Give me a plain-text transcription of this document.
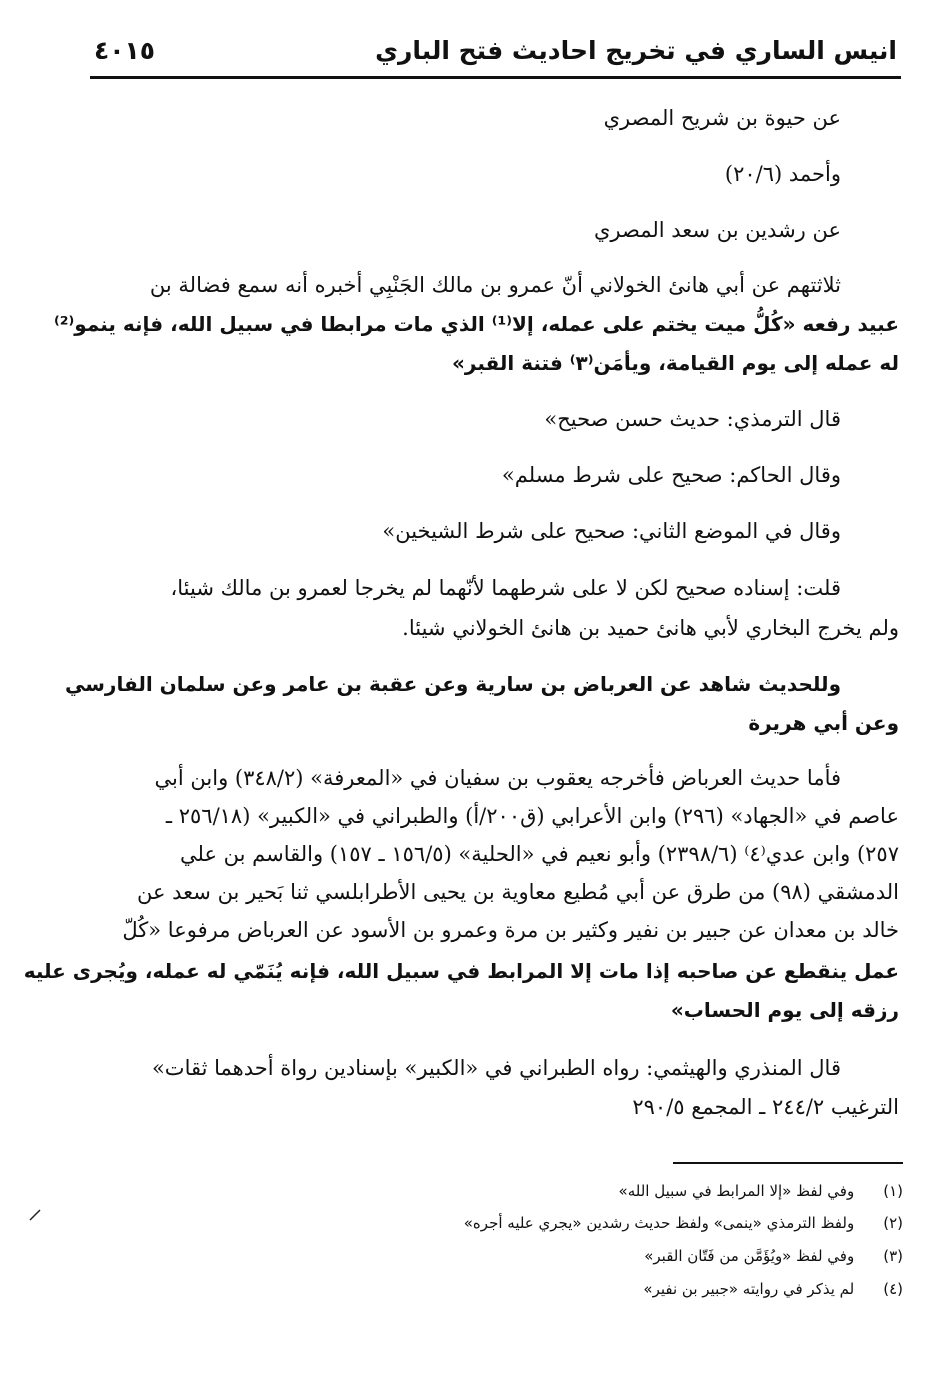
انيس الساري في تخريج احاديث فتح الباري
٤٠١٥
عن حيوة بن شريح المصري
وأحمد (٢٠/٦)
عن رشدين بن سعد المصري
ثلاثتهم عن أبي هانئ الخولاني أنّ عمرو بن مالك الجَنْبِي أخبره أنه سمع فضالة بن
عبيد رفعه «كُلُّ ميت يختم على عمله، إلا⁽¹⁾ الذي مات مرابطا في سبيل الله، فإنه ينمو⁽²⁾
له عمله إلى يوم القيامة، ويأمَن⁽٣⁾ فتنة القبر»
قال الترمذي: حديث حسن صحيح»
وقال الحاكم: صحيح على شرط مسلم»
وقال في الموضع الثاني: صحيح على شرط الشيخين»
قلت: إسناده صحيح لكن لا على شرطهما لأنّهما لم يخرجا لعمرو بن مالك شيئا،
ولم يخرج البخاري لأبي هانئ حميد بن هانئ الخولاني شيئا.
وللحديث شاهد عن العرباض بن سارية وعن عقبة بن عامر وعن سلمان الفارسي
وعن أبي هريرة
فأما حديث العرباض فأخرجه يعقوب بن سفيان في «المعرفة» (٣٤٨/٢) وابن أبي
عاصم في «الجهاد» (٢٩٦) وابن الأعرابي (ق٢٠٠/أ) والطبراني في «الكبير» (٢٥٦/١٨ ـ
٢٥٧) وابن عدي⁽٤⁾ (٢٣٩٨/٦) وأبو نعيم في «الحلية» (١٥٦/٥ ـ ١٥٧) والقاسم بن علي
الدمشقي (٩٨) من طرق عن أبي مُطيع معاوية بن يحيى الأطرابلسي ثنا بَحير بن سعد عن
خالد بن معدان عن جبير بن نفير وكثير بن مرة وعمرو بن الأسود عن العرباض مرفوعا «كُلّ
عمل ينقطع عن صاحبه إذا مات إلا المرابط في سبيل الله، فإنه يُنَمّي له عمله، ويُجرى عليه
رزقه إلى يوم الحساب»
قال المنذري والهيثمي: رواه الطبراني في «الكبير» بإسنادين رواة أحدهما ثقات»
الترغيب ٢٤٤/٢ ـ المجمع ٢٩٠/٥
(١) وفي لفظ «إلا المرابط في سبيل الله»
(٢) ولفظ الترمذي «ينمى» ولفظ حديث رشدين «يجري عليه أجره»
(٣) وفي لفظ «ويُؤَمَّن من فَتّان القبر»
(٤) لم يذكر في روايته «جبير بن نفير»
